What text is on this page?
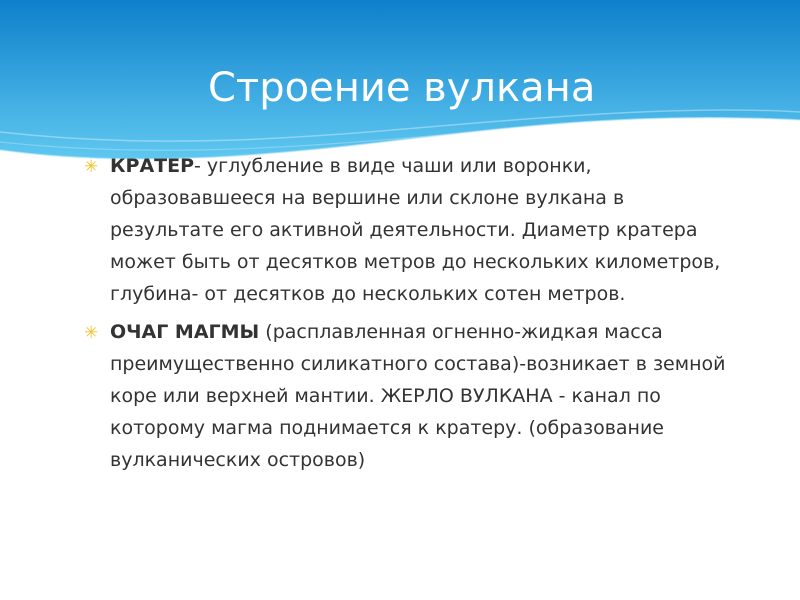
Строение вулкана

✳ КРАТЕР- углубление в виде чаши или воронки, образовавшееся на вершине или склоне вулкана в результате его активной деятельности. Диаметр кратера может быть от десятков метров до нескольких километров, глубина- от десятков до нескольких сотен метров.

✳ ОЧАГ МАГМЫ (расплавленная огненно-жидкая масса преимущественно силикатного состава)-возникает в земной коре или верхней мантии. ЖЕРЛО ВУЛКАНА - канал по которому магма поднимается к кратеру. (образование вулканических островов)
